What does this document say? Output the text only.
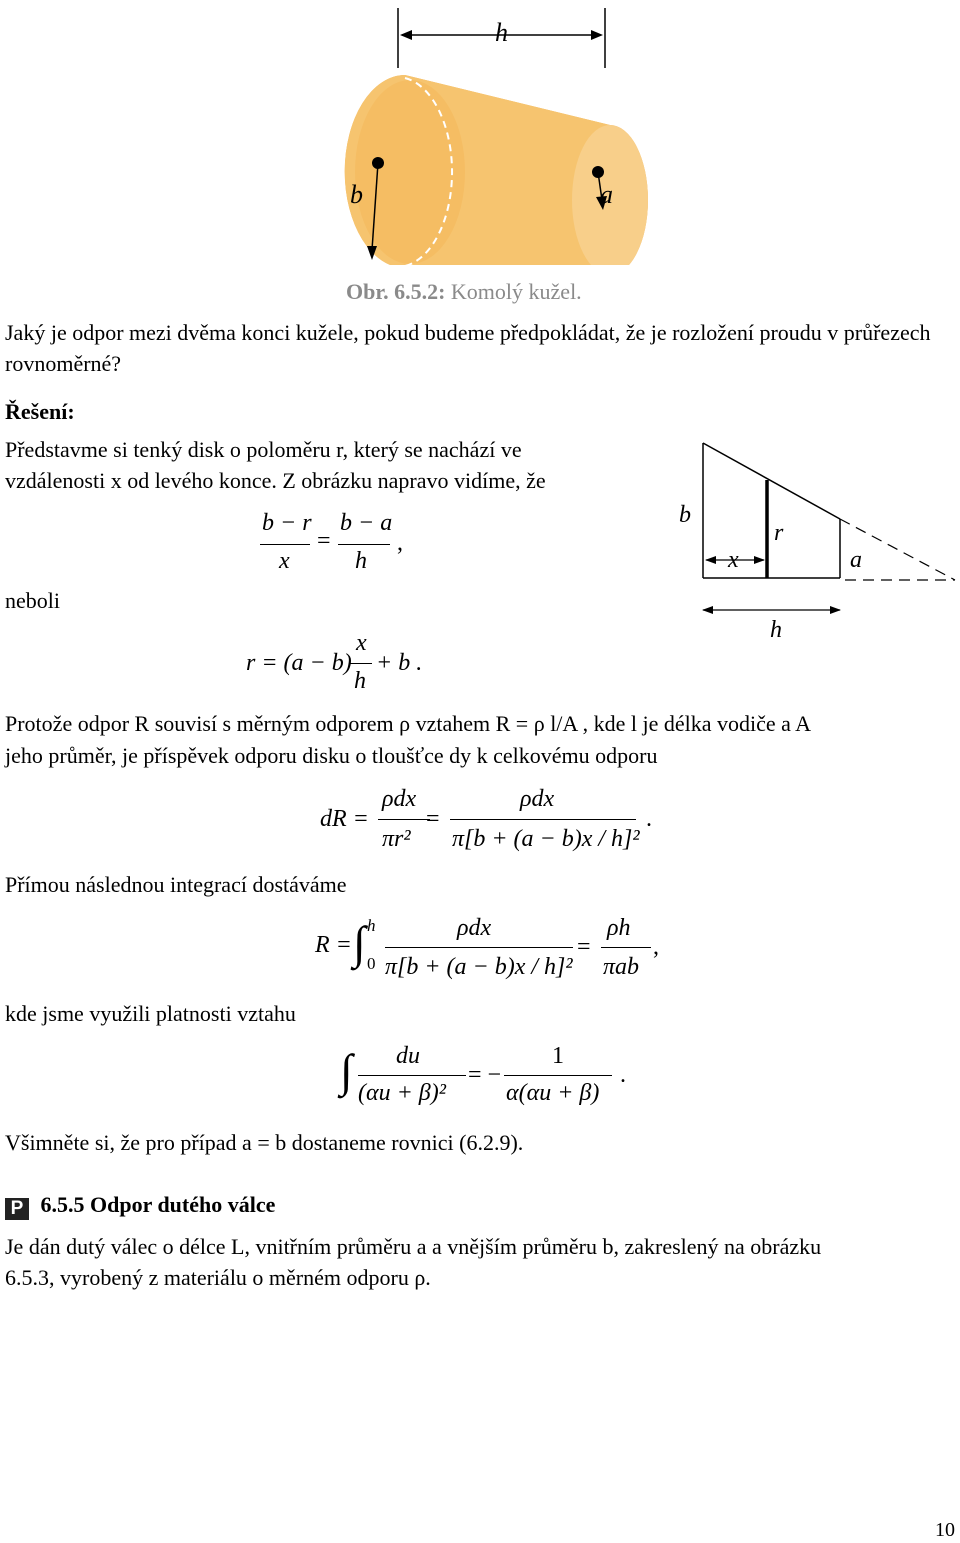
h
b	a
Obr. 6.5.2: Komolý kužel.

Jaký je odpor mezi dvěma konci kužele, pokud budeme předpokládat, že je rozložení proudu v průřezech rovnoměrné?

Řešení:
Představme si tenký disk o poloměru r, který se nachází ve
vzdálenosti x od levého konce. Z obrázku napravo vidíme, že
b
r
x	a
h
b − r
x
=
b − a
h
,
neboli
r = (a − b)
x
h
+ b .
Protože odpor R souvisí s měrným odporem ρ vztahem R = ρ l/A , kde l je délka vodiče a A
jeho průměr, je příspěvek odporu disku o tloušťce dy k celkovému odporu
dR =
ρdx
πr²
=
ρdx
π[b + (a − b)x / h]²
.
Přímou následnou integrací dostáváme
R = ∫ h
0
ρdx
π[b + (a − b)x / h]²
=
ρh
πab
,
kde jsme využili platnosti vztahu
∫ du
(αu + β)²
= −
1
α(αu + β)
.
Všimněte si, že pro případ a = b dostaneme rovnici (6.2.9).
P 6.5.5 Odpor dutého válce
Je dán dutý válec o délce L, vnitřním průměru a a vnějším průměru b, zakreslený na obrázku
6.5.3, vyrobený z materiálu o měrném odporu ρ.
10
